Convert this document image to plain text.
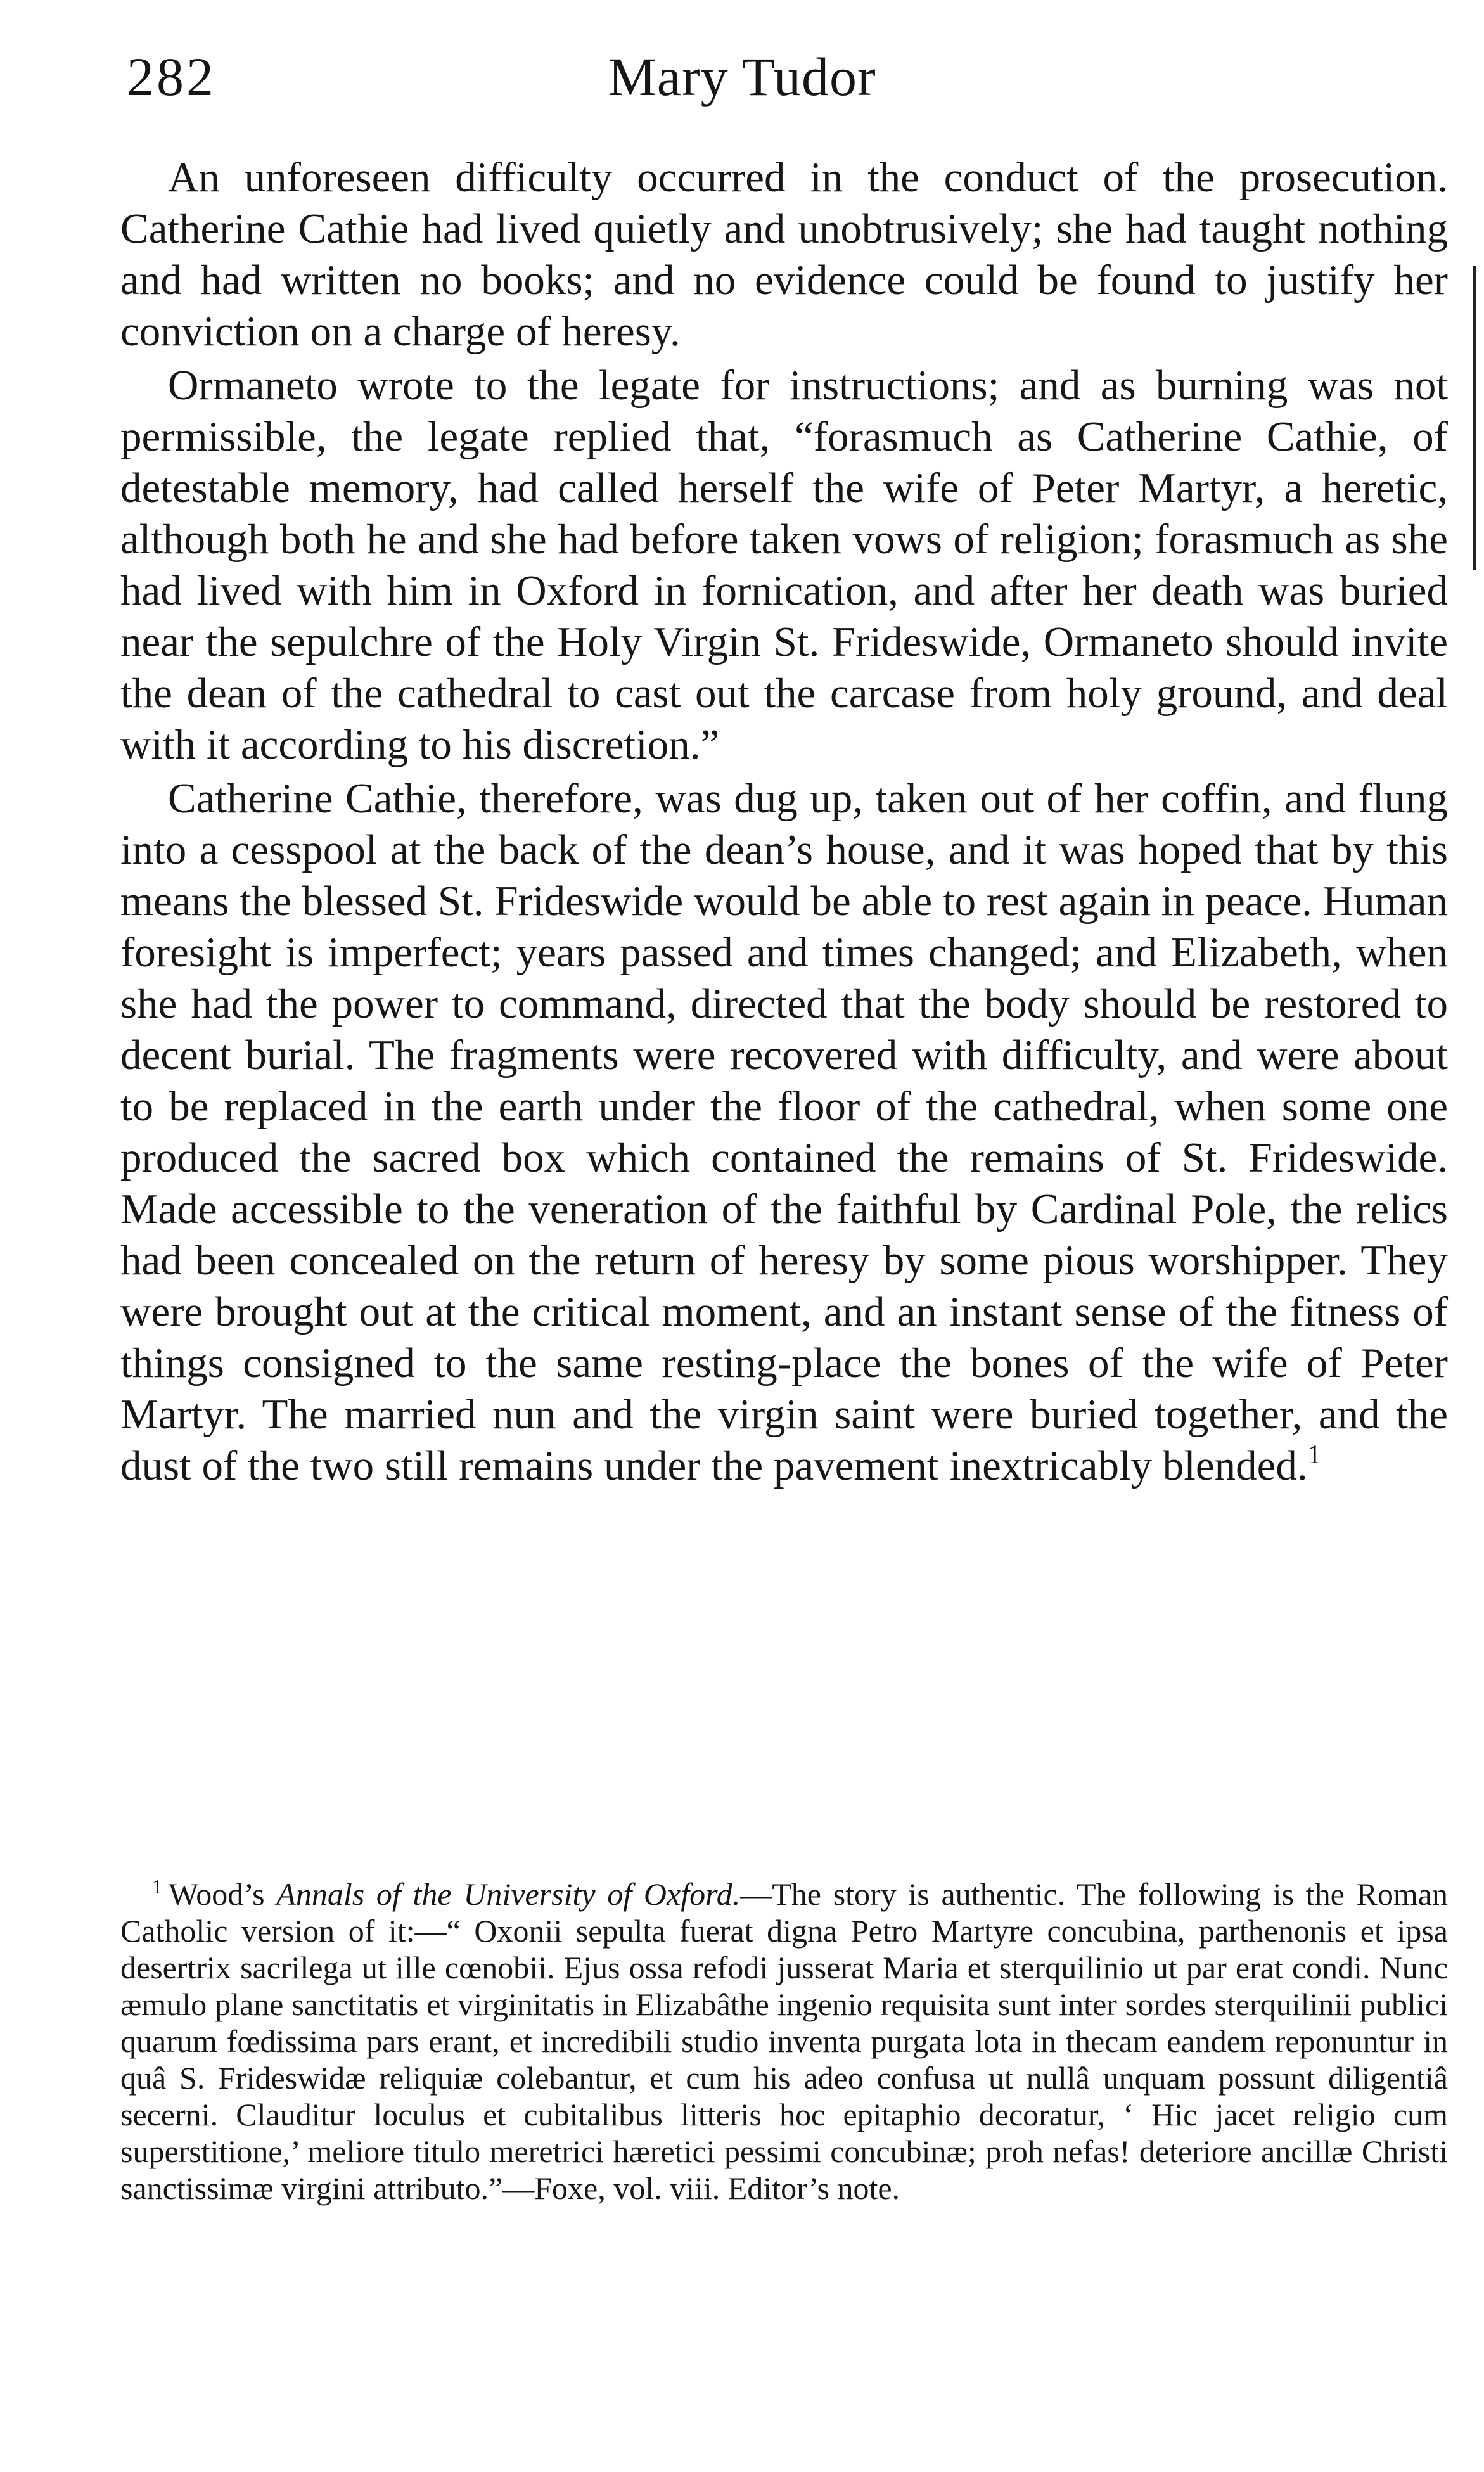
282	Mary Tudor

An unforeseen difficulty occurred in the conduct of the prosecution. Catherine Cathie had lived quietly and unobtrusively; she had taught nothing and had written no books; and no evidence could be found to justify her conviction on a charge of heresy.

Ormaneto wrote to the legate for instructions; and as burning was not permissible, the legate replied that, “forasmuch as Catherine Cathie, of detestable memory, had called herself the wife of Peter Martyr, a heretic, although both he and she had before taken vows of religion; forasmuch as she had lived with him in Oxford in fornication, and after her death was buried near the sepulchre of the Holy Virgin St. Frideswide, Ormaneto should invite the dean of the cathedral to cast out the carcase from holy ground, and deal with it according to his discretion.”

Catherine Cathie, therefore, was dug up, taken out of her coffin, and flung into a cesspool at the back of the dean’s house, and it was hoped that by this means the blessed St. Frideswide would be able to rest again in peace. Human foresight is imperfect; years passed and times changed; and Elizabeth, when she had the power to command, directed that the body should be restored to decent burial. The fragments were recovered with difficulty, and were about to be replaced in the earth under the floor of the cathedral, when some one produced the sacred box which contained the remains of St. Frideswide. Made accessible to the veneration of the faithful by Cardinal Pole, the relics had been concealed on the return of heresy by some pious worshipper. They were brought out at the critical moment, and an instant sense of the fitness of things consigned to the same resting-place the bones of the wife of Peter Martyr. The married nun and the virgin saint were buried together, and the dust of the two still remains under the pavement inextricably blended.$^1$

$^1$  Wood’s Annals of the University of Oxford.—The story is authentic. The following is the Roman Catholic version of it:—“ Oxonii sepulta fuerat digna Petro Martyre concubina, parthenonis et ipsa desertrix sacrilega ut ille cœnobii. Ejus ossa refodi jusserat Maria et sterquilinio ut par erat condi. Nunc æmulo plane sanctitatis et virginitatis in Elizabâthe ingenio requisita sunt inter sordes sterquilinii publici quarum fœdissima pars erant, et incredibili studio inventa purgata lota in thecam eandem reponuntur in quâ S. Frideswidæ reliquiæ colebantur, et cum his adeo confusa ut nullâ unquam possunt diligentiâ secerni. Clauditur loculus et cubitalibus litteris hoc epitaphio decoratur, ‘ Hic jacet religio cum superstitione,’ meliore titulo meretrici hæretici pessimi concubinæ; proh nefas! deteriore ancillæ Christi sanctissimæ virgini attributo.”—Foxe, vol. viii. Editor’s note.
